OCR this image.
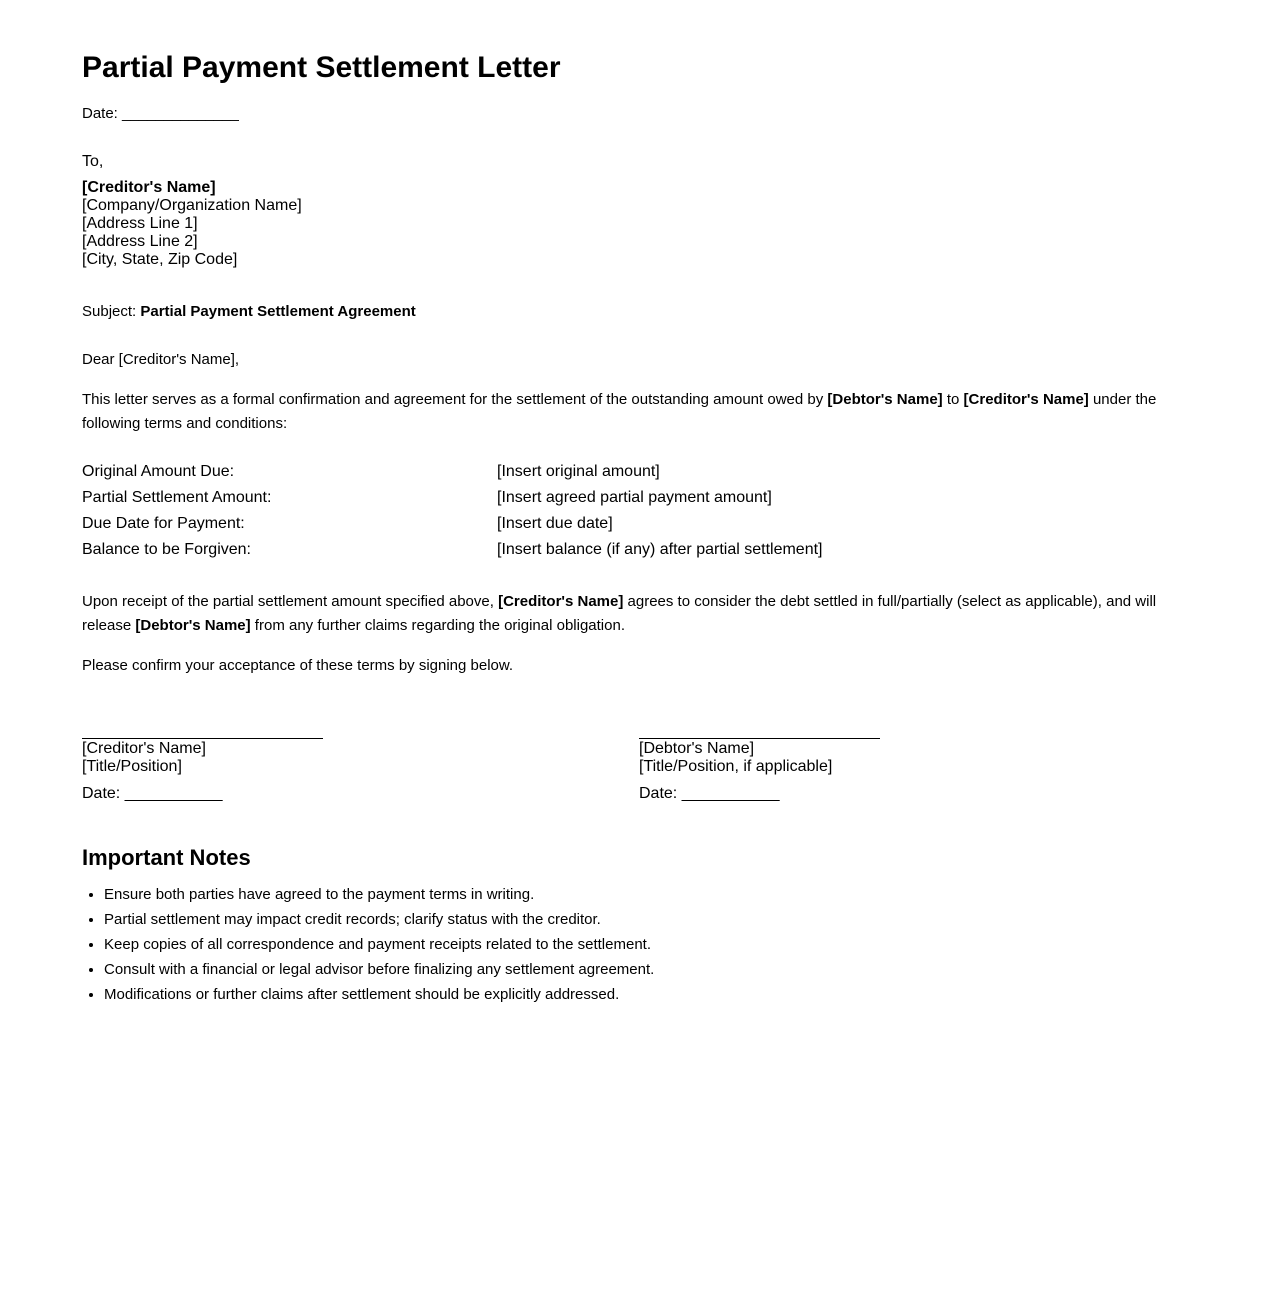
Partial Payment Settlement Letter
Date: ______________
To,
[Creditor's Name]
[Company/Organization Name]
[Address Line 1]
[Address Line 2]
[City, State, Zip Code]
Subject: Partial Payment Settlement Agreement
Dear [Creditor's Name],

This letter serves as a formal confirmation and agreement for the settlement of the outstanding amount owed by [Debtor's Name] to [Creditor's Name] under the following terms and conditions:

Original Amount Due:	[Insert original amount]
Partial Settlement Amount:	[Insert agreed partial payment amount]
Due Date for Payment:	[Insert due date]
Balance to be Forgiven:	[Insert balance (if any) after partial settlement]

Upon receipt of the partial settlement amount specified above, [Creditor's Name] agrees to consider the debt settled in full/partially (select as applicable), and will release [Debtor's Name] from any further claims regarding the original obligation.

Please confirm your acceptance of these terms by signing below.
[Creditor's Name]
[Title/Position]
Date: ___________
[Debtor's Name]
[Title/Position, if applicable]
Date: ___________
Important Notes
• Ensure both parties have agreed to the payment terms in writing.
• Partial settlement may impact credit records; clarify status with the creditor.
• Keep copies of all correspondence and payment receipts related to the settlement.
• Consult with a financial or legal advisor before finalizing any settlement agreement.
• Modifications or further claims after settlement should be explicitly addressed.
